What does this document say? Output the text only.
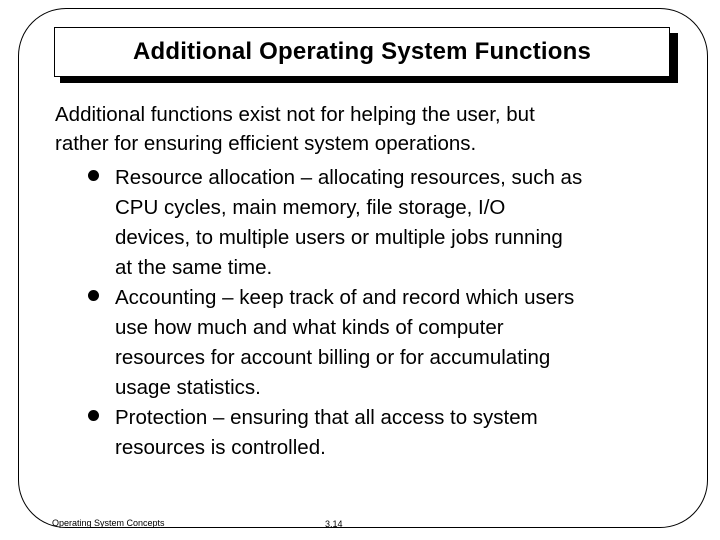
Additional Operating System Functions
Additional functions exist not for helping the user, but
rather for ensuring efficient system operations.
Resource allocation – allocating resources, such as
CPU cycles, main memory, file storage, I/O
devices, to multiple users or multiple jobs running
at the same time.
Accounting – keep track of and record which users
use how much and what kinds of computer
resources for account billing or for accumulating
usage statistics.
Protection – ensuring that all access to system
resources is controlled.
Operating System Concepts	3.14
